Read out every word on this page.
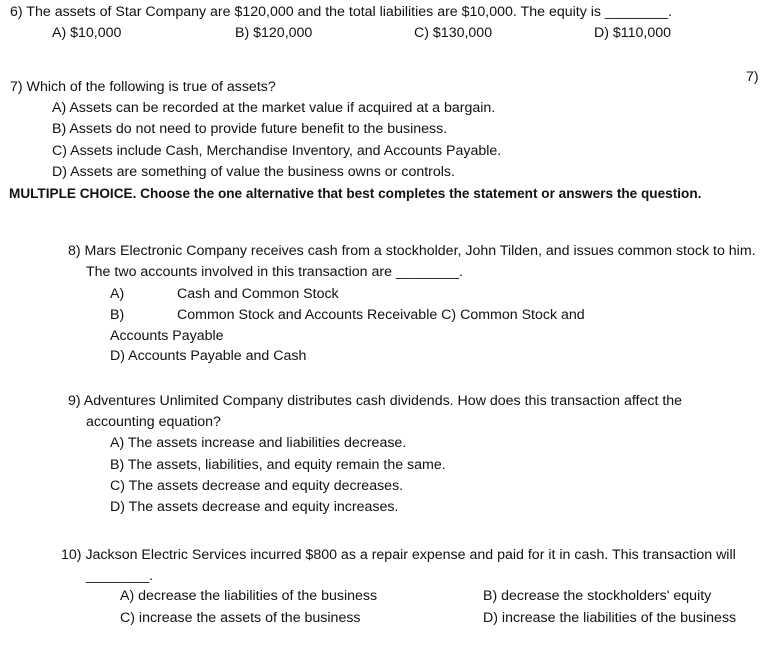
6) The assets of Star Company are $120,000 and the total liabilities are $10,000. The equity is ________.
A) $10,000	B) $120,000	C) $130,000	D) $110,000
7)
7) Which of the following is true of assets?
A) Assets can be recorded at the market value if acquired at a bargain.
B) Assets do not need to provide future benefit to the business.
C) Assets include Cash, Merchandise Inventory, and Accounts Payable.
D) Assets are something of value the business owns or controls.
MULTIPLE CHOICE. Choose the one alternative that best completes the statement or answers the question.
8) Mars Electronic Company receives cash from a stockholder, John Tilden, and issues common stock to him.
The two accounts involved in this transaction are ________.
A)	Cash and Common Stock
B)	Common Stock and Accounts Receivable C) Common Stock and
Accounts Payable
D) Accounts Payable and Cash
9) Adventures Unlimited Company distributes cash dividends. How does this transaction affect the
accounting equation?
A) The assets increase and liabilities decrease.
B) The assets, liabilities, and equity remain the same.
C) The assets decrease and equity decreases.
D) The assets decrease and equity increases.
10) Jackson Electric Services incurred $800 as a repair expense and paid for it in cash. This transaction will
________.
A) decrease the liabilities of the business	B) decrease the stockholders' equity
C) increase the assets of the business	D) increase the liabilities of the business
